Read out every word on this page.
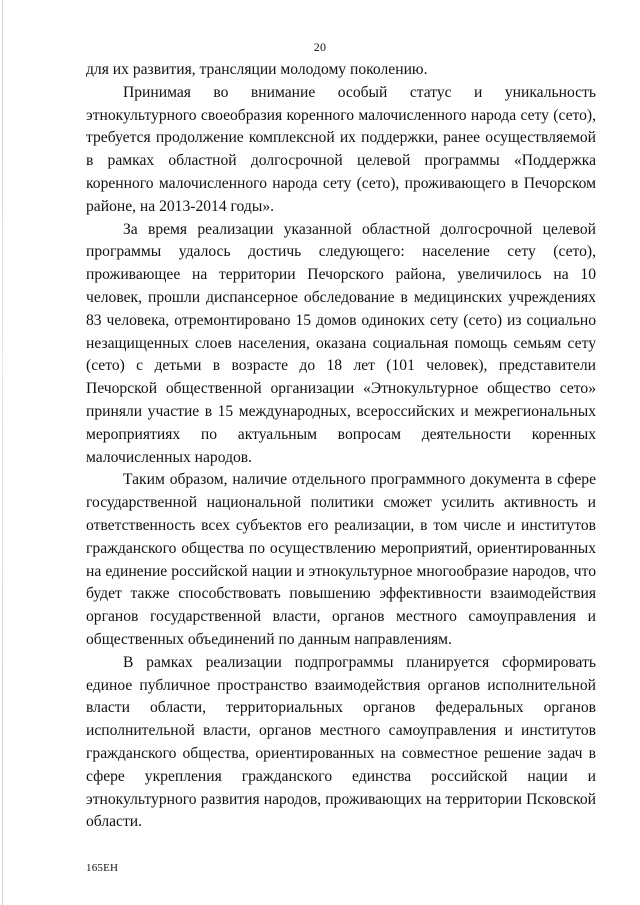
20

для их развития, трансляции молодому поколению.

Принимая во внимание особый статус и уникальность этнокультурного своеобразия коренного малочисленного народа сету (сето), требуется продолжение комплексной их поддержки, ранее осуществляемой в рамках областной долгосрочной целевой программы «Поддержка коренного малочисленного народа сету (сето), проживающего в Печорском районе, на 2013-2014 годы».

За время реализации указанной областной долгосрочной целевой программы удалось достичь следующего: население сету (сето), проживающее на территории Печорского района, увеличилось на 10 человек, прошли диспансерное обследование в медицинских учреждениях 83 человека, отремонтировано 15 домов одиноких сету (сето) из социально незащищенных слоев населения, оказана социальная помощь семьям сету (сето) с детьми в возрасте до 18 лет (101 человек), представители Печорской общественной организации «Этнокультурное общество сето» приняли участие в 15 международных, всероссийских и межрегиональных мероприятиях по актуальным вопросам деятельности коренных малочисленных народов.

Таким образом, наличие отдельного программного документа в сфере государственной национальной политики сможет усилить активность и ответственность всех субъектов его реализации, в том числе и институтов гражданского общества по осуществлению мероприятий, ориентированных на единение российской нации и этнокультурное многообразие народов, что будет также способствовать повышению эффективности взаимодействия органов государственной власти, органов местного самоуправления и общественных объединений по данным направлениям.

В рамках реализации подпрограммы планируется сформировать единое публичное пространство взаимодействия органов исполнительной власти области, территориальных органов федеральных органов исполнительной власти, органов местного самоуправления и институтов гражданского общества, ориентированных на совместное решение задач в сфере укрепления гражданского единства российской нации и этнокультурного развития народов, проживающих на территории Псковской области.

165ЕН
